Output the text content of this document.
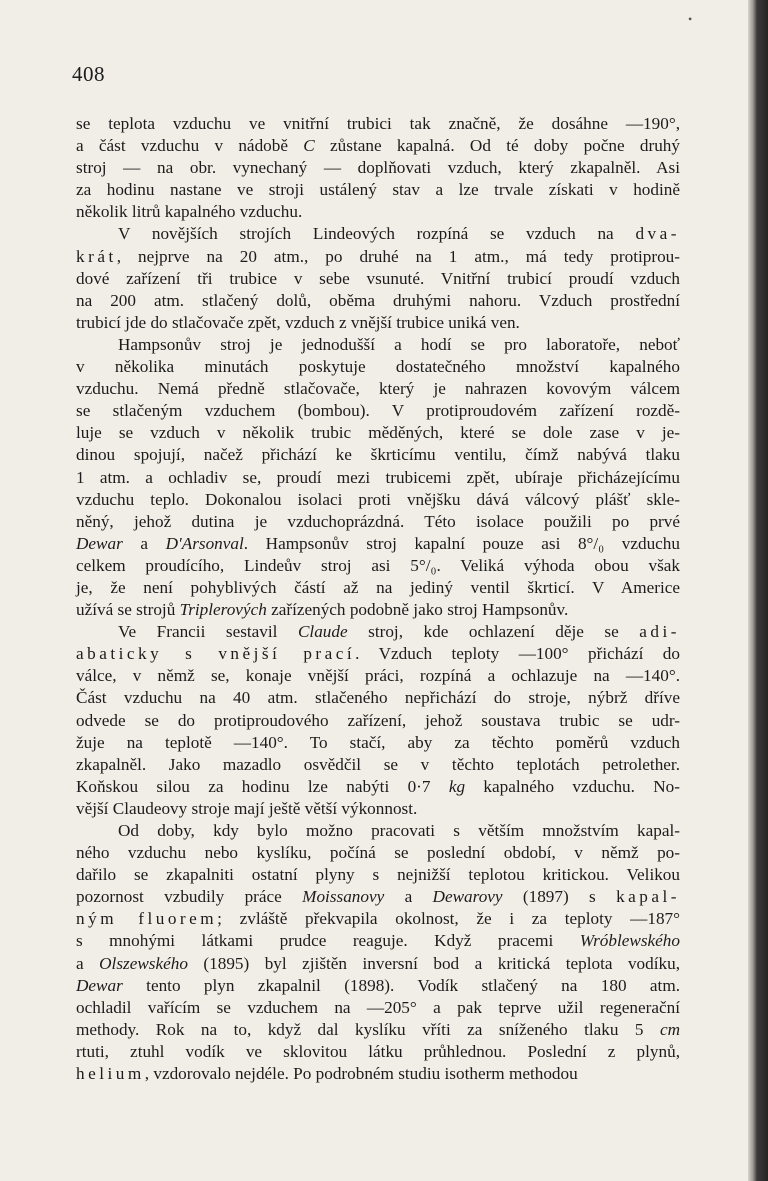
•
408

se teplota vzduchu ve vnitřní trubici tak značně, že dosáhne —190°,

a část vzduchu v nádobě C zůstane kapalná. Od té doby počne druhý

stroj — na obr. vynechaný — doplňovati vzduch, který zkapalněl. Asi

za hodinu nastane ve stroji ustálený stav a lze trvale získati v hodině

několik litrů kapalného vzduchu.

V novějších strojích Lindeových rozpíná se vzduch na dva-

krát, nejprve na 20 atm., po druhé na 1 atm., má tedy protiprou-

dové zařízení tři trubice v sebe vsunuté. Vnitřní trubicí proudí vzduch

na 200 atm. stlačený dolů, oběma druhými nahoru. Vzduch prostřední

trubicí jde do stlačovače zpět, vzduch z vnější trubice uniká ven.

Hampsonův stroj je jednodušší a hodí se pro laboratoře, neboť

v několika minutách poskytuje dostatečného množství kapalného

vzduchu. Nemá předně stlačovače, který je nahrazen kovovým válcem

se stlačeným vzduchem (bombou). V protiproudovém zařízení rozdě-

luje se vzduch v několik trubic měděných, které se dole zase v je-

dinou spojují, načež přichází ke škrticímu ventilu, čímž nabývá tlaku

1 atm. a ochladiv se, proudí mezi trubicemi zpět, ubíraje přicházejícímu

vzduchu teplo. Dokonalou isolaci proti vnějšku dává válcový plášť skle-

něný, jehož dutina je vzduchoprázdná. Této isolace použili po prvé

Dewar a D'Arsonval. Hampsonův stroj kapalní pouze asi 8°/₀ vzduchu

celkem proudícího, Lindeův stroj asi 5°/₀. Veliká výhoda obou však

je, že není pohyblivých částí až na jediný ventil škrticí. V Americe

užívá se strojů Triplerových zařízených podobně jako stroj Hampsonův.

Ve Francii sestavil Claude stroj, kde ochlazení děje se adi-

abaticky s vnější prací. Vzduch teploty —100° přichází do

válce, v němž se, konaje vnější práci, rozpíná a ochlazuje na —140°.

Část vzduchu na 40 atm. stlačeného nepřichází do stroje, nýbrž dříve

odvede se do protiproudového zařízení, jehož soustava trubic se udr-

žuje na teplotě —140°. To stačí, aby za těchto poměrů vzduch

zkapalněl. Jako mazadlo osvědčil se v těchto teplotách petrolether.

Koňskou silou za hodinu lze nabýti 0·7 kg kapalného vzduchu. No-

vější Claudeovy stroje mají ještě větší výkonnost.

Od doby, kdy bylo možno pracovati s větším množstvím kapal-

ného vzduchu nebo kyslíku, počíná se poslední období, v němž po-

dařilo se zkapalniti ostatní plyny s nejnižší teplotou kritickou. Velikou

pozornost vzbudily práce Moissanovy a Dewarovy (1897) s kapal-

ným fluorem; zvláště překvapila okolnost, že i za teploty —187°

s mnohými látkami prudce reaguje. Když pracemi Wróblewského

a Olszewského (1895) byl zjištěn inversní bod a kritická teplota vodíku,

Dewar tento plyn zkapalnil (1898). Vodík stlačený na 180 atm.

ochladil vařícím se vzduchem na —205° a pak teprve užil regenerační

methody. Rok na to, když dal kyslíku vříti za sníženého tlaku 5 cm

rtuti, ztuhl vodík ve sklovitou látku průhlednou. Poslední z plynů,

helium, vzdorovalo nejdéle. Po podrobném studiu isotherm methodou
